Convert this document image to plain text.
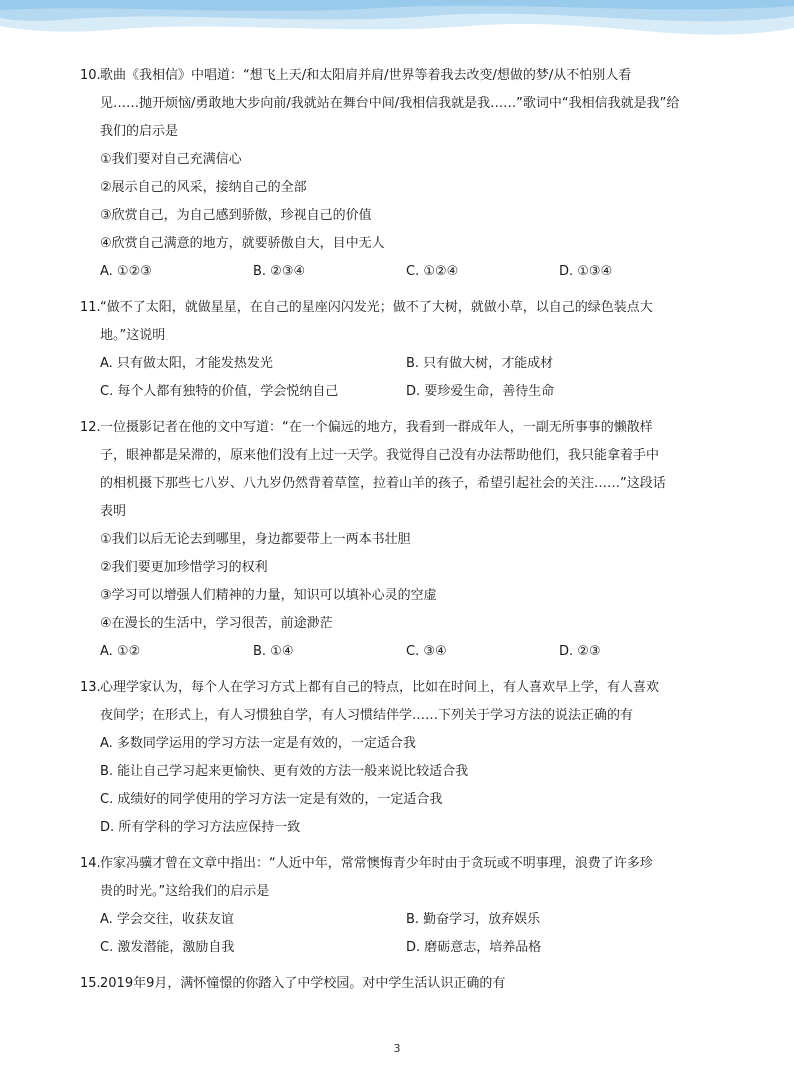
10.歌曲《我相信》中唱道：“想飞上天/和太阳肩并肩/世界等着我去改变/想做的梦/从不怕别人看
见……抛开烦恼/勇敢地大步向前/我就站在舞台中间/我相信我就是我……”歌词中“我相信我就是我”给
我们的启示是
①我们要对自己充满信心
②展示自己的风采，接纳自己的全部
③欣赏自己，为自己感到骄傲，珍视自己的价值
④欣赏自己满意的地方，就要骄傲自大，目中无人
A. ①②③	B. ②③④	C. ①②④	D. ①③④
11.“做不了太阳，就做星星，在自己的星座闪闪发光；做不了大树，就做小草，以自己的绿色装点大
地。”这说明
A. 只有做太阳，才能发热发光	B. 只有做大树，才能成材
C. 每个人都有独特的价值，学会悦纳自己	D. 要珍爱生命，善待生命
12.一位摄影记者在他的文中写道：“在一个偏远的地方，我看到一群成年人，一副无所事事的懒散样
子，眼神都是呆滞的，原来他们没有上过一天学。我觉得自己没有办法帮助他们，我只能拿着手中
的相机摄下那些七八岁、八九岁仍然背着草筐，拉着山羊的孩子，希望引起社会的关注……”这段话
表明
①我们以后无论去到哪里，身边都要带上一两本书壮胆
②我们要更加珍惜学习的权利
③学习可以增强人们精神的力量，知识可以填补心灵的空虚
④在漫长的生活中，学习很苦，前途渺茫
A. ①②	B. ①④	C. ③④	D. ②③
13.心理学家认为，每个人在学习方式上都有自己的特点，比如在时间上，有人喜欢早上学，有人喜欢
夜间学；在形式上，有人习惯独自学，有人习惯结伴学……下列关于学习方法的说法正确的有
A. 多数同学运用的学习方法一定是有效的，一定适合我
B. 能让自己学习起来更愉快、更有效的方法一般来说比较适合我
C. 成绩好的同学使用的学习方法一定是有效的，一定适合我
D. 所有学科的学习方法应保持一致
14.作家冯骥才曾在文章中指出：“人近中年，常常懊悔青少年时由于贪玩或不明事理，浪费了许多珍
贵的时光。”这给我们的启示是
A. 学会交往，收获友谊	B. 勤奋学习，放弃娱乐
C. 激发潜能，激励自我	D. 磨砺意志，培养品格
15.2019年9月，满怀憧憬的你踏入了中学校园。对中学生活认识正确的有
3
